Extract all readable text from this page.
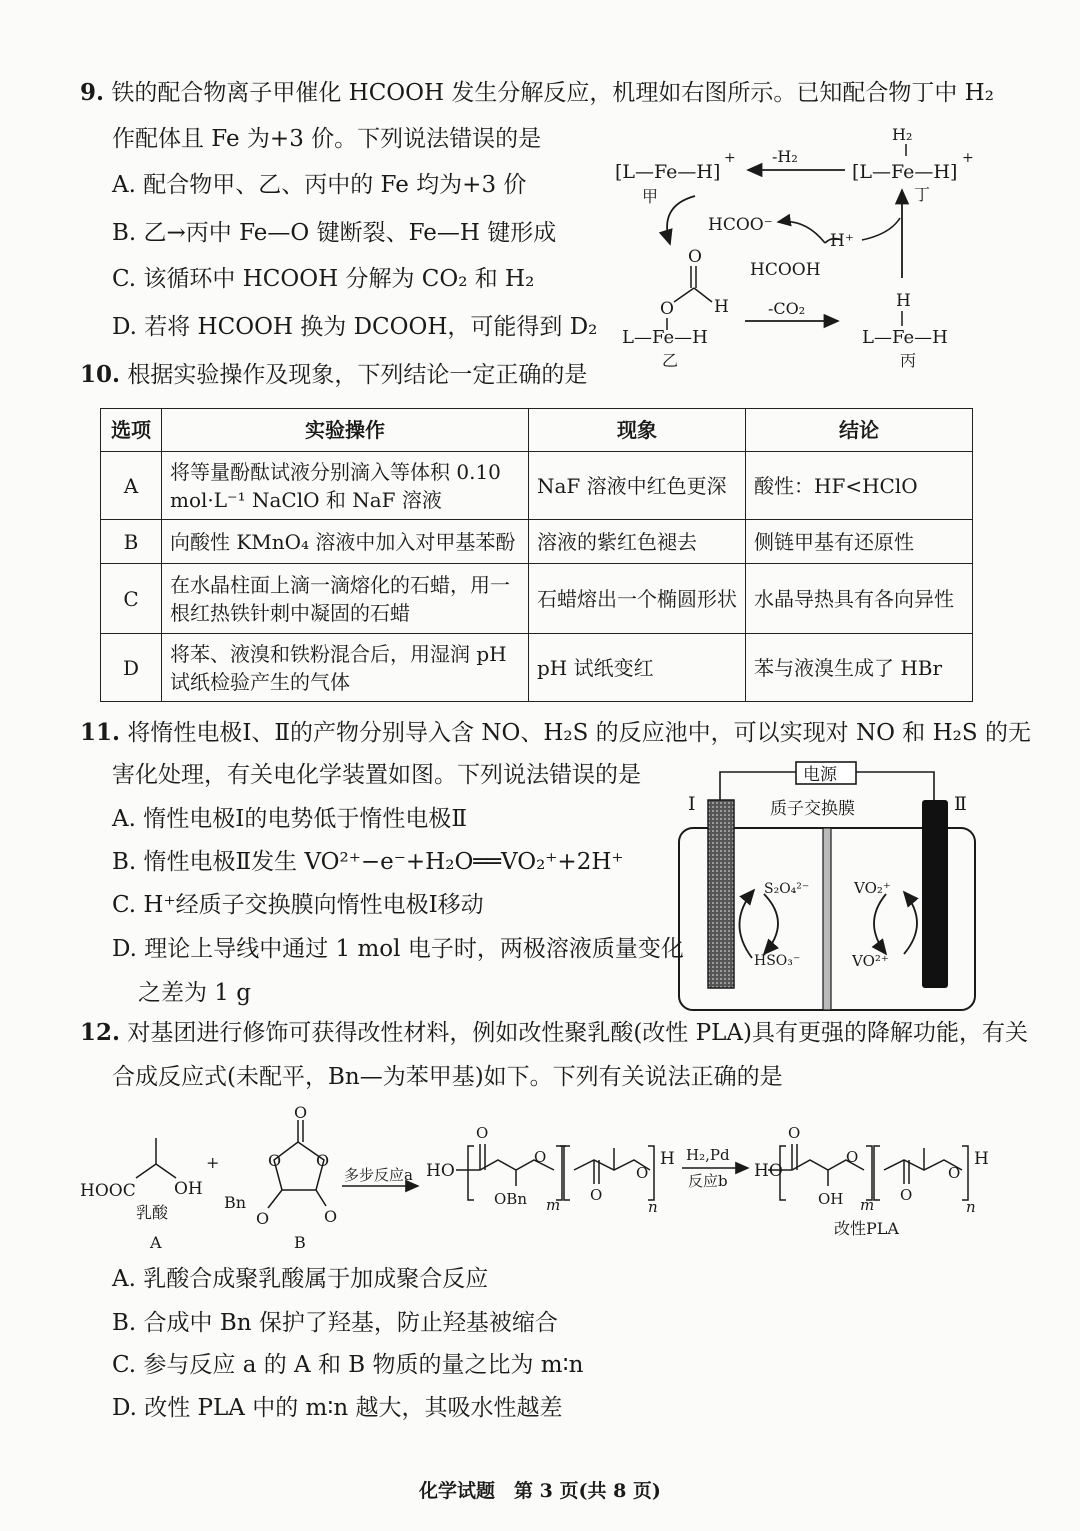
9. 铁的配合物离子甲催化 HCOOH 发生分解反应，机理如右图所示。已知配合物丁中 H₂
作配体且 Fe 为+3 价。下列说法错误的是
A. 配合物甲、乙、丙中的 Fe 均为+3 价
B. 乙→丙中 Fe—O 键断裂、Fe—H 键形成
C. 该循环中 HCOOH 分解为 CO₂ 和 H₂
D. 若将 HCOOH 换为 DCOOH，可能得到 D₂
[L—Fe—H]
+
甲
-H₂
H₂
[L—Fe—H]
+
丁
HCOO⁻
H⁺
HCOOH
O
O H
L—Fe—H
乙
-CO₂	H
L—Fe—H
丙
10. 根据实验操作及现象，下列结论一定正确的是
选项	实验操作	现象	结论
A	将等量酚酞试液分别滴入等体积 0.10 mol·L⁻¹ NaClO 和 NaF 溶液	NaF 溶液中红色更深	酸性：HF<HClO
B	向酸性 KMnO₄ 溶液中加入对甲基苯酚	溶液的紫红色褪去	侧链甲基有还原性
C	在水晶柱面上滴一滴熔化的石蜡，用一根红热铁针刺中凝固的石蜡	石蜡熔出一个椭圆形状	水晶导热具有各向异性
D	将苯、液溴和铁粉混合后，用湿润 pH 试纸检验产生的气体	pH 试纸变红	苯与液溴生成了 HBr
11. 将惰性电极Ⅰ、Ⅱ的产物分别导入含 NO、H₂S 的反应池中，可以实现对 NO 和 H₂S 的无
害化处理，有关电化学装置如图。下列说法错误的是
A. 惰性电极Ⅰ的电势低于惰性电极Ⅱ
B. 惰性电极Ⅱ发生 VO²⁺−e⁻+H₂O══VO₂⁺+2H⁺
C. H⁺经质子交换膜向惰性电极Ⅰ移动
D. 理论上导线中通过 1 mol 电子时，两极溶液质量变化
之差为 1 g
电源
Ⅰ	Ⅱ
质子交换膜
S₂O₄²⁻
HSO₃⁻
VO₂⁺
VO²⁺
12. 对基团进行修饰可获得改性材料，例如改性聚乳酸(改性 PLA)具有更强的降解功能，有关
合成反应式(未配平，Bn—为苯甲基)如下。下列有关说法正确的是
HOOC OH
乳酸
A
+
O
O O
O
O
Bn
B
多步反应a HO
O
O
OBn m
O
O
n
H H₂,Pd
反应b HO
O
O
OH m
O
O
n
H
改性PLA
A. 乳酸合成聚乳酸属于加成聚合反应
B. 合成中 Bn 保护了羟基，防止羟基被缩合
C. 参与反应 a 的 A 和 B 物质的量之比为 m∶n
D. 改性 PLA 中的 m∶n 越大，其吸水性越差
化学试题　第 3 页(共 8 页)
